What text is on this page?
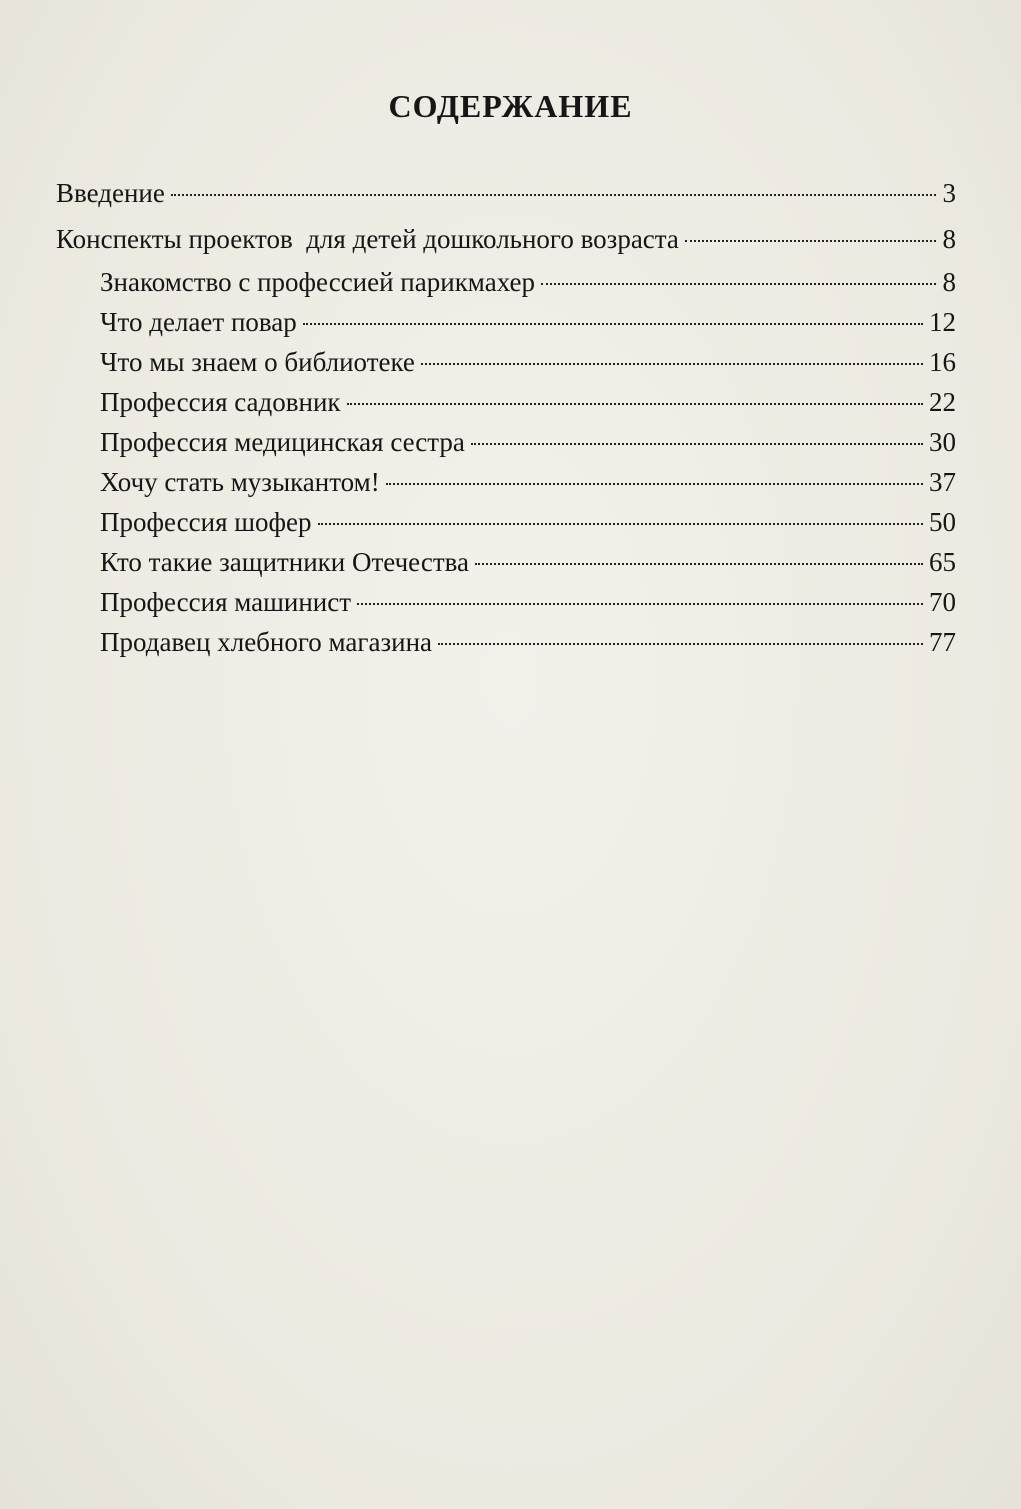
СОДЕРЖАНИЕ
Введение	3
Конспекты проектов  для детей дошкольного возраста	8
Знакомство с профессией парикмахер	8
Что делает повар	12
Что мы знаем о библиотеке	16
Профессия садовник	22
Профессия медицинская сестра	30
Хочу стать музыкантом!	37
Профессия шофер	50
Кто такие защитники Отечества	65
Профессия машинист	70
Продавец хлебного магазина	77
